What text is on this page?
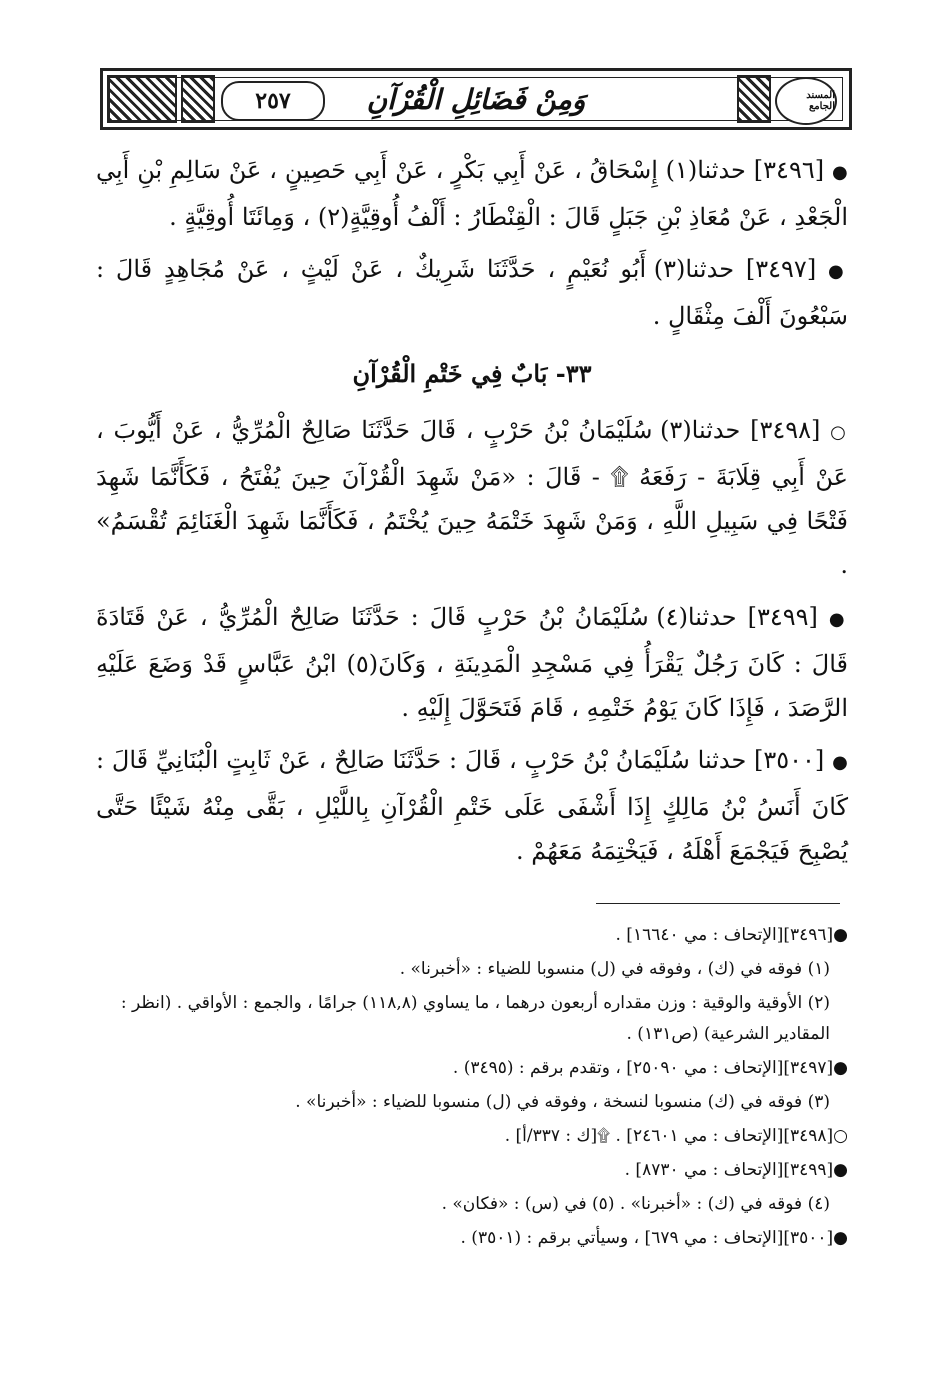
٢٥٧	وَمِنْ فَضَائِلِ الْقُرْآنِ	المسند الجامع

● [٣٤٩٦] حدثنا(١) إِسْحَاقُ ، عَنْ أَبِي بَكْرٍ ، عَنْ أَبِي حَصِينٍ ، عَنْ سَالِمِ بْنِ أَبِي الْجَعْدِ ، عَنْ مُعَاذِ بْنِ جَبَلٍ قَالَ : الْقِنْطَارُ : أَلْفُ أُوقِيَّةٍ(٢) ، وَمِائَتَا أُوقِيَّةٍ .

● [٣٤٩٧] حدثنا(٣) أَبُو نُعَيْمٍ ، حَدَّثَنَا شَرِيكٌ ، عَنْ لَيْثٍ ، عَنْ مُجَاهِدٍ قَالَ : سَبْعُونَ أَلْفَ مِثْقَالٍ .

٣٣- بَابٌ فِي خَتْمِ الْقُرْآنِ

○ [٣٤٩٨] حدثنا(٣) سُلَيْمَانُ بْنُ حَرْبٍ ، قَالَ حَدَّثَنَا صَالِحٌ الْمُرِّيُّ ، عَنْ أَيُّوبَ ، عَنْ أَبِي قِلَابَةَ - رَفَعَهُ ۩ - قَالَ : «مَنْ شَهِدَ الْقُرْآنَ حِينَ يُفْتَحُ ، فَكَأَنَّمَا شَهِدَ فَتْحًا فِي سَبِيلِ اللَّهِ ، وَمَنْ شَهِدَ خَتْمَهُ حِينَ يُخْتَمُ ، فَكَأَنَّمَا شَهِدَ الْغَنَائِمَ تُقْسَمُ» .

● [٣٤٩٩] حدثنا(٤) سُلَيْمَانُ بْنُ حَرْبٍ قَالَ : حَدَّثَنَا صَالِحٌ الْمُرِّيُّ ، عَنْ قَتَادَةَ قَالَ : كَانَ رَجُلٌ يَقْرَأُ فِي مَسْجِدِ الْمَدِينَةِ ، وَكَانَ(٥) ابْنُ عَبَّاسٍ قَدْ وَضَعَ عَلَيْهِ الرَّصَدَ ، فَإِذَا كَانَ يَوْمُ خَتْمِهِ ، قَامَ فَتَحَوَّلَ إِلَيْهِ .

● [٣٥٠٠] حدثنا سُلَيْمَانُ بْنُ حَرْبٍ ، قَالَ : حَدَّثَنَا صَالِحٌ ، عَنْ ثَابِتٍ الْبُنَانِيِّ قَالَ : كَانَ أَنَسُ بْنُ مَالِكٍ إِذَا أَشْفَى عَلَى خَتْمِ الْقُرْآنِ بِاللَّيْلِ ، بَقَّى مِنْهُ شَيْئًا حَتَّى يُصْبِحَ فَيَجْمَعَ أَهْلَهُ ، فَيَخْتِمَهُ مَعَهُمْ .

●[٣٤٩٦][الإتحاف : مي ١٦٦٤٠] .
(١) فوقه في (ك) ، وفوقه في (ل) منسوبا للضياء : «أخبرنا» .
(٢) الأوقية والوقية : وزن مقداره أربعون درهما ، ما يساوي (١١٨,٨) جرامًا ، والجمع : الأواقي . (انظر : المقادير الشرعية) (ص١٣١) .
●[٣٤٩٧][الإتحاف : مي ٢٥٠٩٠] ، وتقدم برقم : (٣٤٩٥) .
(٣) فوقه في (ك) منسوبا لنسخة ، وفوقه في (ل) منسوبا للضياء : «أخبرنا» .
○[٣٤٩٨][الإتحاف : مي ٢٤٦٠١] . ۩[ك : ٣٣٧/أ] .
●[٣٤٩٩][الإتحاف : مي ٨٧٣٠] .
(٤) فوقه في (ك) : «أخبرنا» . (٥) في (س) : «فكان» .
●[٣٥٠٠][الإتحاف : مي ٦٧٩] ، وسيأتي برقم : (٣٥٠١) .
